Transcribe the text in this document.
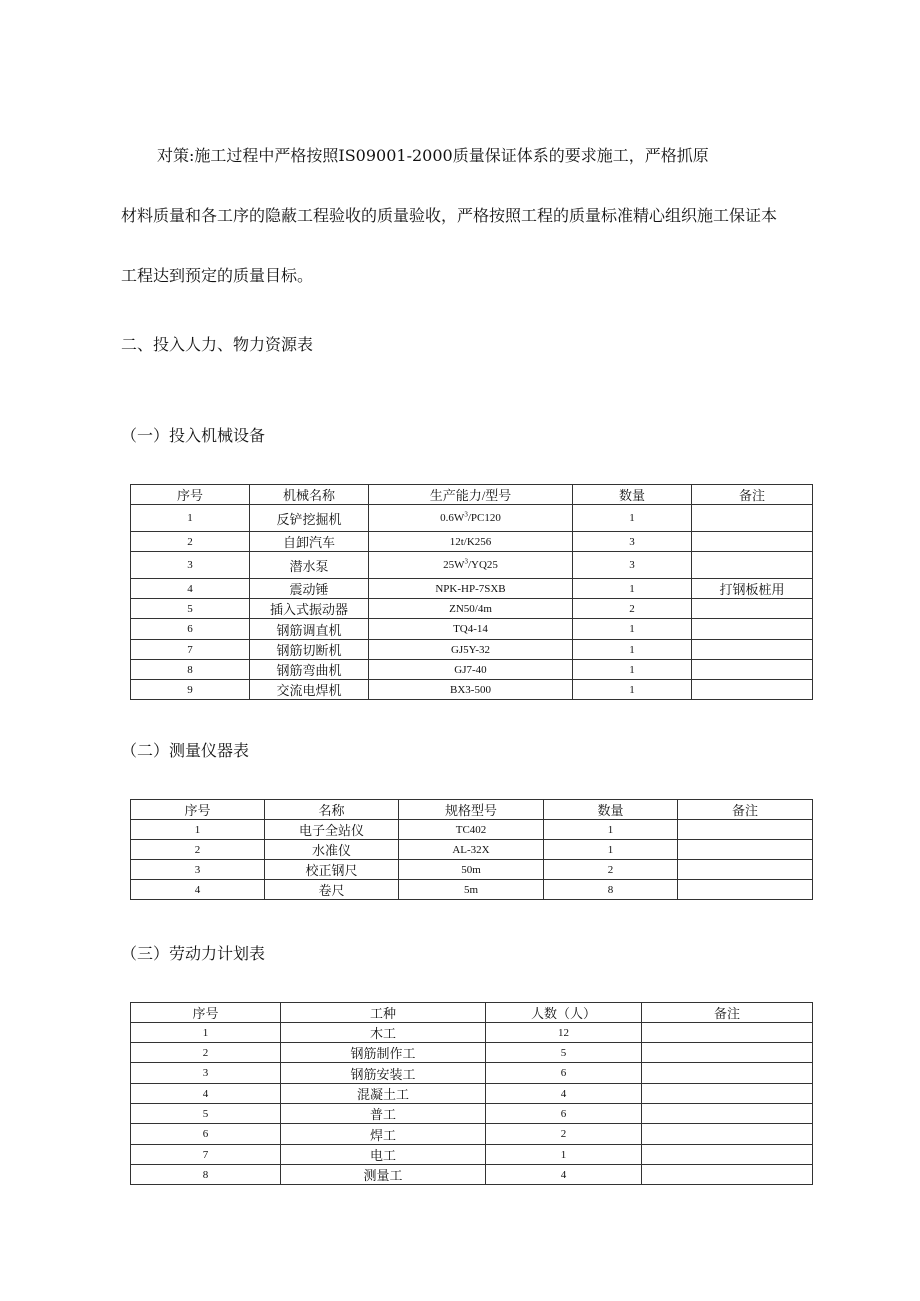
对策:施工过程中严格按照IS09001-2000质量保证体系的要求施工，严格抓原
材料质量和各工序的隐蔽工程验收的质量验收，严格按照工程的质量标准精心组织施工保证本
工程达到预定的质量目标。

二、投入人力、物力资源表

（一）投入机械设备

序号	机械名称	生产能力/型号	数量	备注
1	反铲挖掘机	$0.6W^3/PC120$	1	
2	自卸汽车	12t/K256	3	
3	潜水泵	$25W^3/YQ25$	3	
4	震动锤	NPK-HP-7SXB	1	打钢板桩用
5	插入式振动器	ZN50/4m	2	
6	钢筋调直机	TQ4-14	1	
7	钢筋切断机	GJ5Y-32	1	
8	钢筋弯曲机	GJ7-40	1	
9	交流电焊机	BX3-500	1	

（二）测量仪器表

序号	名称	规格型号	数量	备注
1	电子全站仪	TC402	1	
2	水准仪	AL-32X	1	
3	校正钢尺	50m	2	
4	卷尺	5m	8	

（三）劳动力计划表

序号	工种	人数（人）	备注
1	木工	12	
2	钢筋制作工	5	
3	钢筋安装工	6	
4	混凝土工	4	
5	普工	6	
6	焊工	2	
7	电工	1	
8	测量工	4	
